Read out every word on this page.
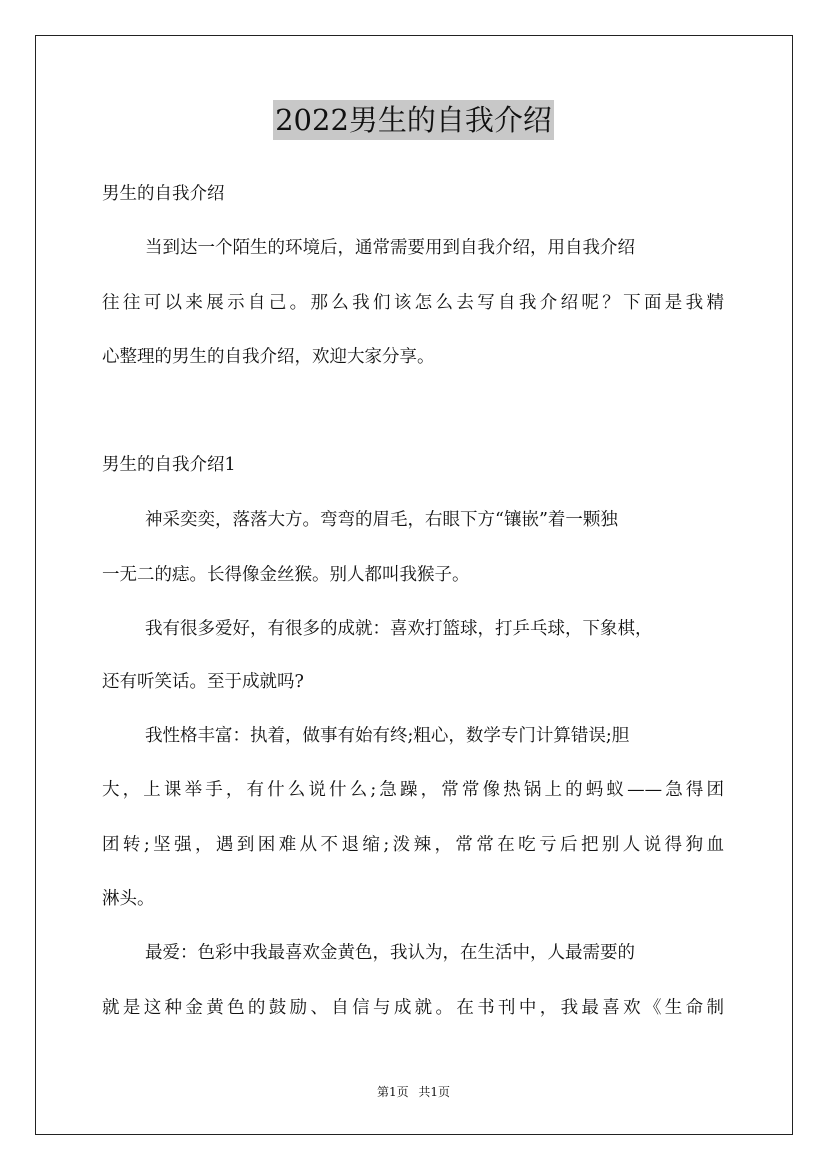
2022男生的自我介绍
男生的自我介绍
当到达一个陌生的环境后，通常需要用到自我介绍，用自我介绍
往往可以来展示自己。那么我们该怎么去写自我介绍呢？下面是我精
心整理的男生的自我介绍，欢迎大家分享。
男生的自我介绍1
神采奕奕，落落大方。弯弯的眉毛，右眼下方“镶嵌”着一颗独
一无二的痣。长得像金丝猴。别人都叫我猴子。
我有很多爱好，有很多的成就：喜欢打篮球，打乒乓球，下象棋，
还有听笑话。至于成就吗?
我性格丰富：执着，做事有始有终;粗心，数学专门计算错误;胆
大，上课举手，有什么说什么;急躁，常常像热锅上的蚂蚁——急得团
团转;坚强，遇到困难从不退缩;泼辣，常常在吃亏后把别人说得狗血
淋头。
最爱：色彩中我最喜欢金黄色，我认为，在生活中，人最需要的
就是这种金黄色的鼓励、自信与成就。在书刊中，我最喜欢《生命制
第1页 共1页
